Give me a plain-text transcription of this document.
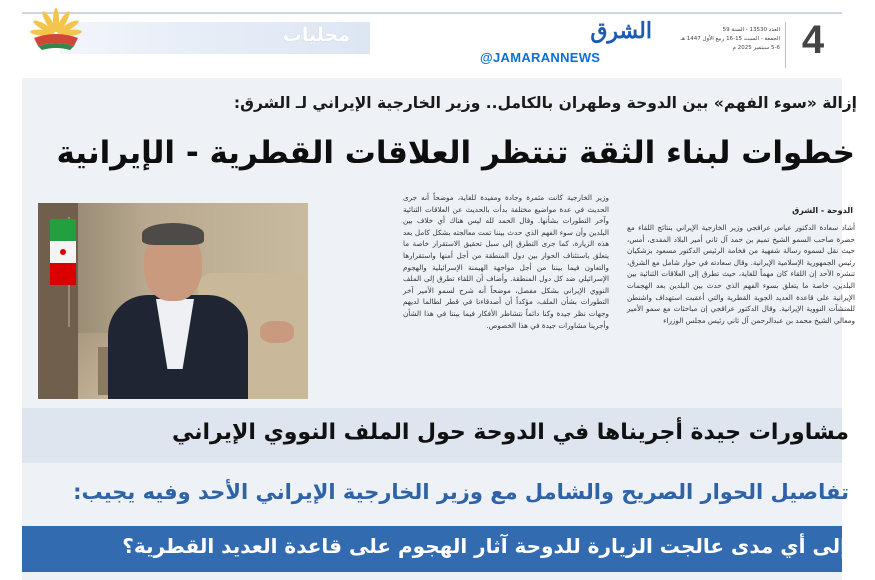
4
العدد 13530 - السنة 59
الجمعة - السبت 15-16 ربيع الأول 1447 هـ
5-6 سبتمبر 2025 م
الشرق
محليات
@JAMARANNEWS
إزالة «سوء الفهم» بين الدوحة وطهران بالكامل.. وزير الخارجية الإيراني لـ الشرق:
خطوات لبناء الثقة تنتظر العلاقات القطرية - الإيرانية
الدوحة - الشرق
أشاد سعادة الدكتور عباس عراقجي وزير الخارجية الإيراني بنتائج اللقاء مع حضرة صاحب السمو الشيخ تميم بن حمد آل ثاني أمير البلاد المفدى، أمس، حيث نقل لسموه رسالة شفهية من فخامة الرئيس الدكتور مسعود بزشكيان رئيس الجمهورية الإسلامية الإيرانية. وقال سعادته في حوار شامل مع الشرق، تنشره الأحد إن اللقاء كان مهماً للغاية، حيث تطرق إلى العلاقات الثنائية بين البلدين، خاصة ما يتعلق بسوء الفهم الذي حدث بين البلدين بعد الهجمات الإيرانية على قاعدة العديد الجوية القطرية والتي أعقبت استهداف واشنطن للمنشآت النووية الإيرانية. وقال الدكتور عراقجي إن مباحثات مع سمو الأمير ومعالي الشيخ محمد بن عبدالرحمن آل ثاني رئيس مجلس الوزراء
وزير الخارجية كانت مثمرة وجادة ومفيدة للغاية، موضحاً أنه جرى الحديث في عدة مواضيع مختلفة بدأت بالحديث عن العلاقات الثنائية وآخر التطورات بشأنها. وقال الحمد لله ليس هناك أي خلاف بين البلدين وأن سوء الفهم الذي حدث بيننا تمت معالجته بشكل كامل بعد هذه الزيارة، كما جرى التطرق إلى سبل تحقيق الاستقرار خاصة ما يتعلق باستئناف الحوار بين دول المنطقة من أجل أمنها واستقرارها والتعاون فيما بيننا من أجل مواجهة الهيمنة الإسرائيلية والهجوم الإسرائيلي ضد كل دول المنطقة. وأضاف أن اللقاء تطرق إلى الملف النووي الإيراني بشكل مفصل، موضحاً أنه شرح لسمو الأمير آخر التطورات بشأن الملف، مؤكداً أن أصدقاءنا في قطر لطالما لديهم وجهات نظر جيدة وكنا دائماً نتشاطر الأفكار فيما بيننا في هذا الشأن وأجرينا مشاورات جيدة في هذا الخصوص.
مشاورات جيدة أجريناها في الدوحة حول الملف النووي الإيراني
تفاصيل الحوار الصريح والشامل مع وزير الخارجية الإيراني الأحد وفيه يجيب:
إلى أي مدى عالجت الزيارة للدوحة آثار الهجوم على قاعدة العديد القطرية؟
